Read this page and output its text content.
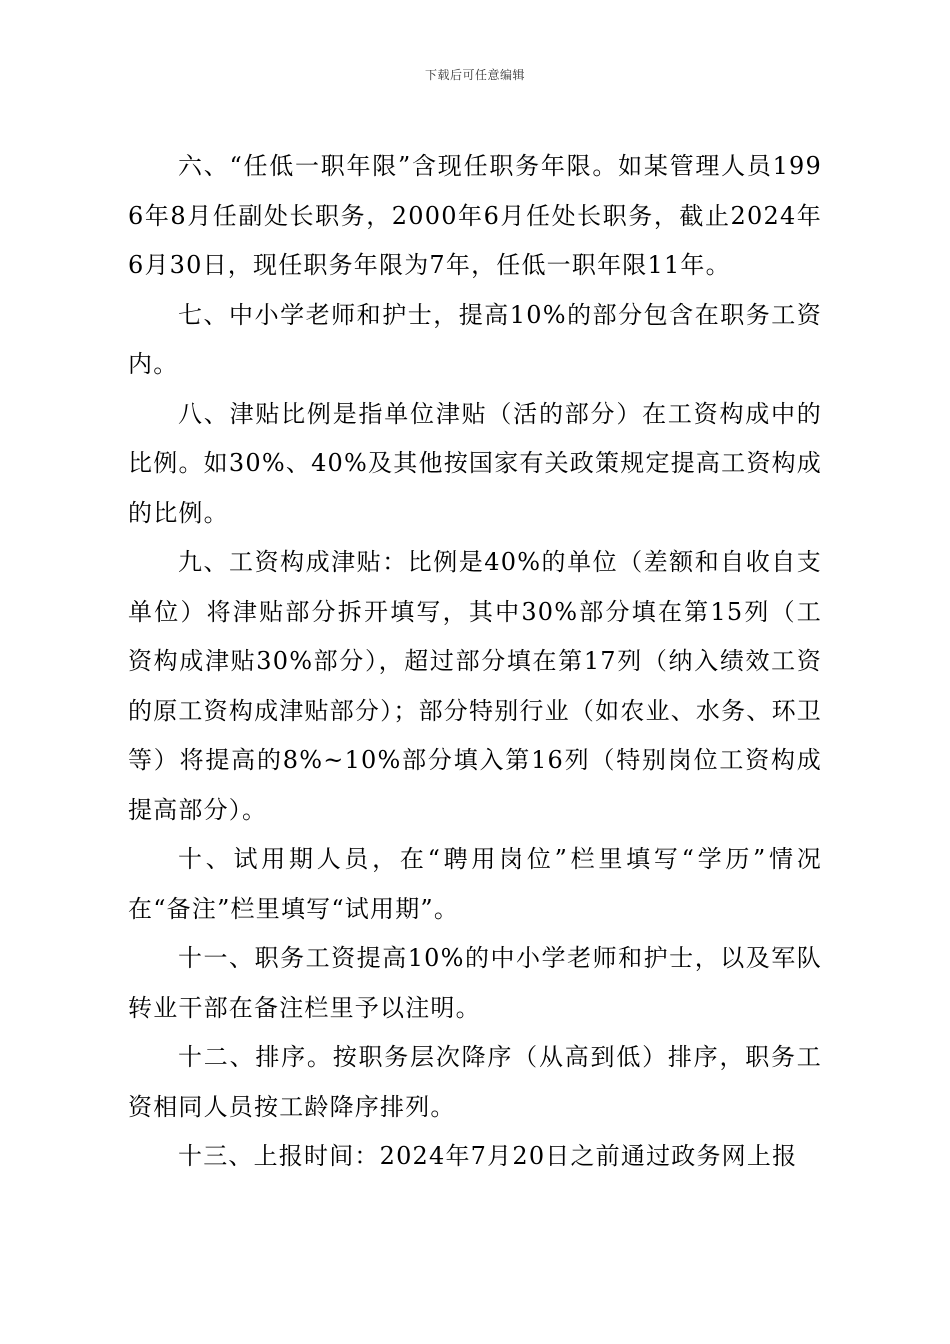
下载后可任意编辑

六、“任低一职年限”含现任职务年限。如某管理人员1996年8月任副处长职务，2000年6月任处长职务，截止2024年6月30日，现任职务年限为7年，任低一职年限11年。

七、中小学老师和护士，提高10%的部分包含在职务工资内。

八、津贴比例是指单位津贴（活的部分）在工资构成中的比例。如30%、40%及其他按国家有关政策规定提高工资构成的比例。

九、工资构成津贴：比例是40%的单位（差额和自收自支单位）将津贴部分拆开填写，其中30%部分填在第15列（工资构成津贴30%部分），超过部分填在第17列（纳入绩效工资的原工资构成津贴部分）；部分特别行业（如农业、水务、环卫等）将提高的8%~10%部分填入第16列（特别岗位工资构成提高部分）。

十、试用期人员，在“聘用岗位”栏里填写“学历”情况在“备注”栏里填写“试用期”。

十一、职务工资提高10%的中小学老师和护士，以及军队转业干部在备注栏里予以注明。

十二、排序。按职务层次降序（从高到低）排序，职务工资相同人员按工龄降序排列。

十三、上报时间：2024年7月20日之前通过政务网上报
